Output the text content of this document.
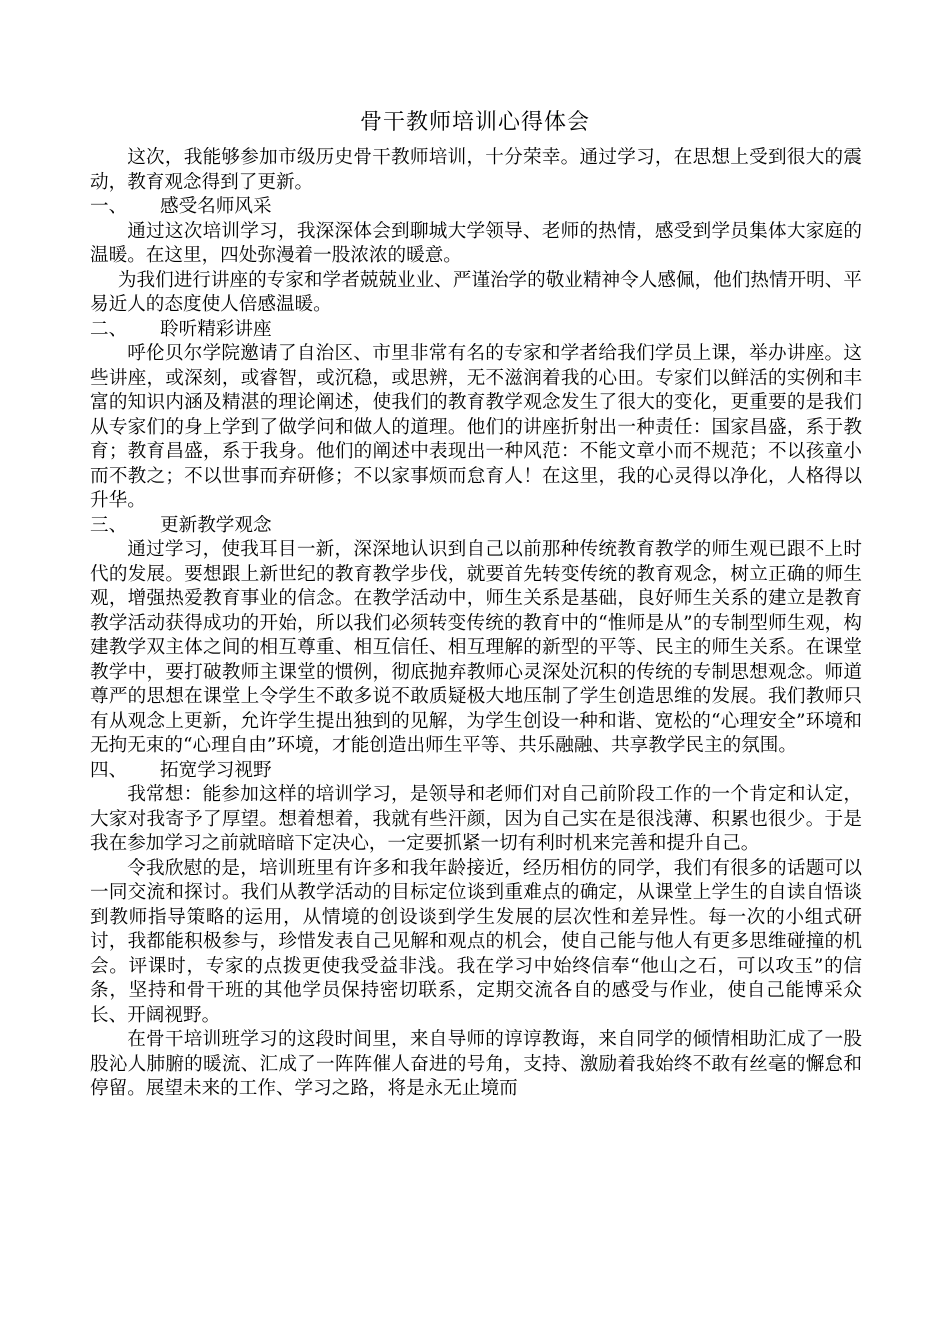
骨干教师培训心得体会

这次，我能够参加市级历史骨干教师培训，十分荣幸。通过学习，在思想上受到很大的震动，教育观念得到了更新。

一、 感受名师风采

通过这次培训学习，我深深体会到聊城大学领导、老师的热情，感受到学员集体大家庭的温暖。在这里，四处弥漫着一股浓浓的暖意。

为我们进行讲座的专家和学者兢兢业业、严谨治学的敬业精神令人感佩，他们热情开明、平易近人的态度使人倍感温暖。

二、 聆听精彩讲座

呼伦贝尔学院邀请了自治区、市里非常有名的专家和学者给我们学员上课，举办讲座。这些讲座，或深刻，或睿智，或沉稳，或思辨，无不滋润着我的心田。专家们以鲜活的实例和丰富的知识内涵及精湛的理论阐述，使我们的教育教学观念发生了很大的变化，更重要的是我们从专家们的身上学到了做学问和做人的道理。他们的讲座折射出一种责任：国家昌盛，系于教育；教育昌盛，系于我身。他们的阐述中表现出一种风范：不能文章小而不规范；不以孩童小而不教之；不以世事而弃研修；不以家事烦而怠育人！在这里，我的心灵得以净化，人格得以升华。

三、 更新教学观念

通过学习，使我耳目一新，深深地认识到自己以前那种传统教育教学的师生观已跟不上时代的发展。要想跟上新世纪的教育教学步伐，就要首先转变传统的教育观念，树立正确的师生观，增强热爱教育事业的信念。在教学活动中，师生关系是基础，良好师生关系的建立是教育教学活动获得成功的开始，所以我们必须转变传统的教育中的“惟师是从”的专制型师生观，构建教学双主体之间的相互尊重、相互信任、相互理解的新型的平等、民主的师生关系。在课堂教学中，要打破教师主课堂的惯例，彻底抛弃教师心灵深处沉积的传统的专制思想观念。师道尊严的思想在课堂上令学生不敢多说不敢质疑极大地压制了学生创造思维的发展。我们教师只有从观念上更新，允许学生提出独到的见解，为学生创设一种和谐、宽松的“心理安全”环境和无拘无束的“心理自由”环境，才能创造出师生平等、共乐融融、共享教学民主的氛围。

四、 拓宽学习视野

我常想：能参加这样的培训学习，是领导和老师们对自己前阶段工作的一个肯定和认定，大家对我寄予了厚望。想着想着，我就有些汗颜，因为自己实在是很浅薄、积累也很少。于是我在参加学习之前就暗暗下定决心，一定要抓紧一切有利时机来完善和提升自己。

令我欣慰的是，培训班里有许多和我年龄接近，经历相仿的同学，我们有很多的话题可以一同交流和探讨。我们从教学活动的目标定位谈到重难点的确定，从课堂上学生的自读自悟谈到教师指导策略的运用，从情境的创设谈到学生发展的层次性和差异性。每一次的小组式研讨，我都能积极参与，珍惜发表自己见解和观点的机会，使自己能与他人有更多思维碰撞的机会。评课时，专家的点拨更使我受益非浅。我在学习中始终信奉“他山之石，可以攻玉”的信条，坚持和骨干班的其他学员保持密切联系，定期交流各自的感受与作业，使自己能博采众长、开阔视野。

在骨干培训班学习的这段时间里，来自导师的谆谆教诲，来自同学的倾情相助汇成了一股股沁人肺腑的暖流、汇成了一阵阵催人奋进的号角，支持、激励着我始终不敢有丝毫的懈怠和停留。展望未来的工作、学习之路，将是永无止境而
